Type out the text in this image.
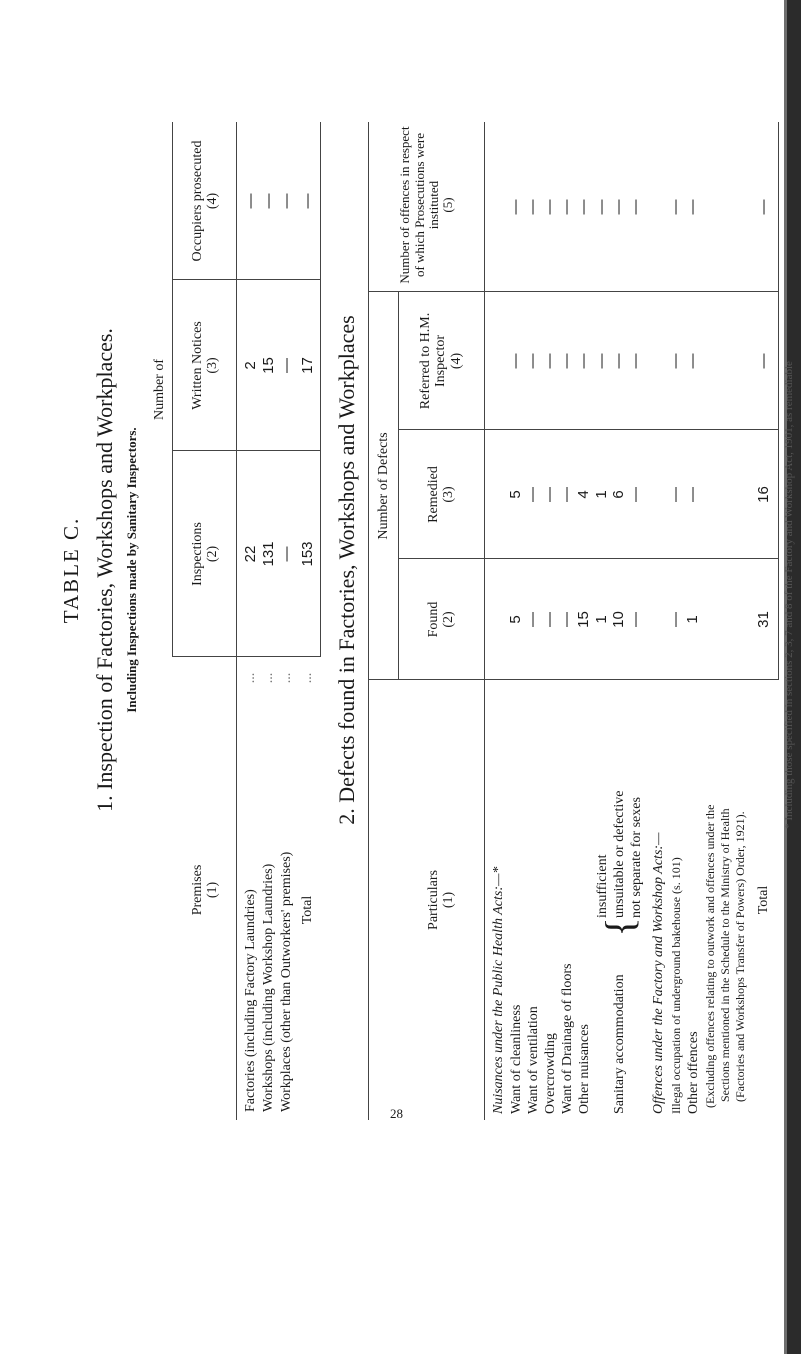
TABLE C. 1. Inspection of Factories, Workshops and Workplaces. Including Inspections made by Sanitary Inspectors.
Number of
Premises (1)
Inspections (2)
Written Notices (3)
Occupiers prosecuted (4)
Factories (including Factory Laundries)
...
22
2
—
Workshops (including Workshop Laundries)
...
131
15
—
Workplaces (other than Outworkers' premises)
...
—
—
—
Total
...
153
17
—
2. Defects found in Factories, Workshops and Workplaces	Number of Defects
Particulars (1)
Found (2)
Remedied (3)
Referred to H.M. Inspector (4)
Number of offences in respect of which Prosecutions were instituted (5)
Nuisances under the Public Health Acts:—* Want of cleanliness
5
5
—
—
Want of ventilation
—
—
—
—
Overcrowding
—
—
—
—
Want of Drainage of floors
—
—
—
—
Other nuisances
15
4
—
—
Sanitary accommodation
{
insufficient
1
1
—
—
unsuitable or defective
10
6
—
—
not separate for sexes
—
—
—
—
Offences under the Factory and Workshop Acts:— Illegal occupation of underground bakehouse (s. 101)
—
—
—
—
Other offences
1
—
—
—
(Excluding offences relating to outwork and offences under the Sections mentioned in the Schedule to the Ministry of Health (Factories and Workshops Transfer of Powers) Order, 1921). Total
31
16
—
—
* Including those specified in sections 2, 3, 7 and 8 of the Factory and Workshop Act, 1901, as remediable
28
